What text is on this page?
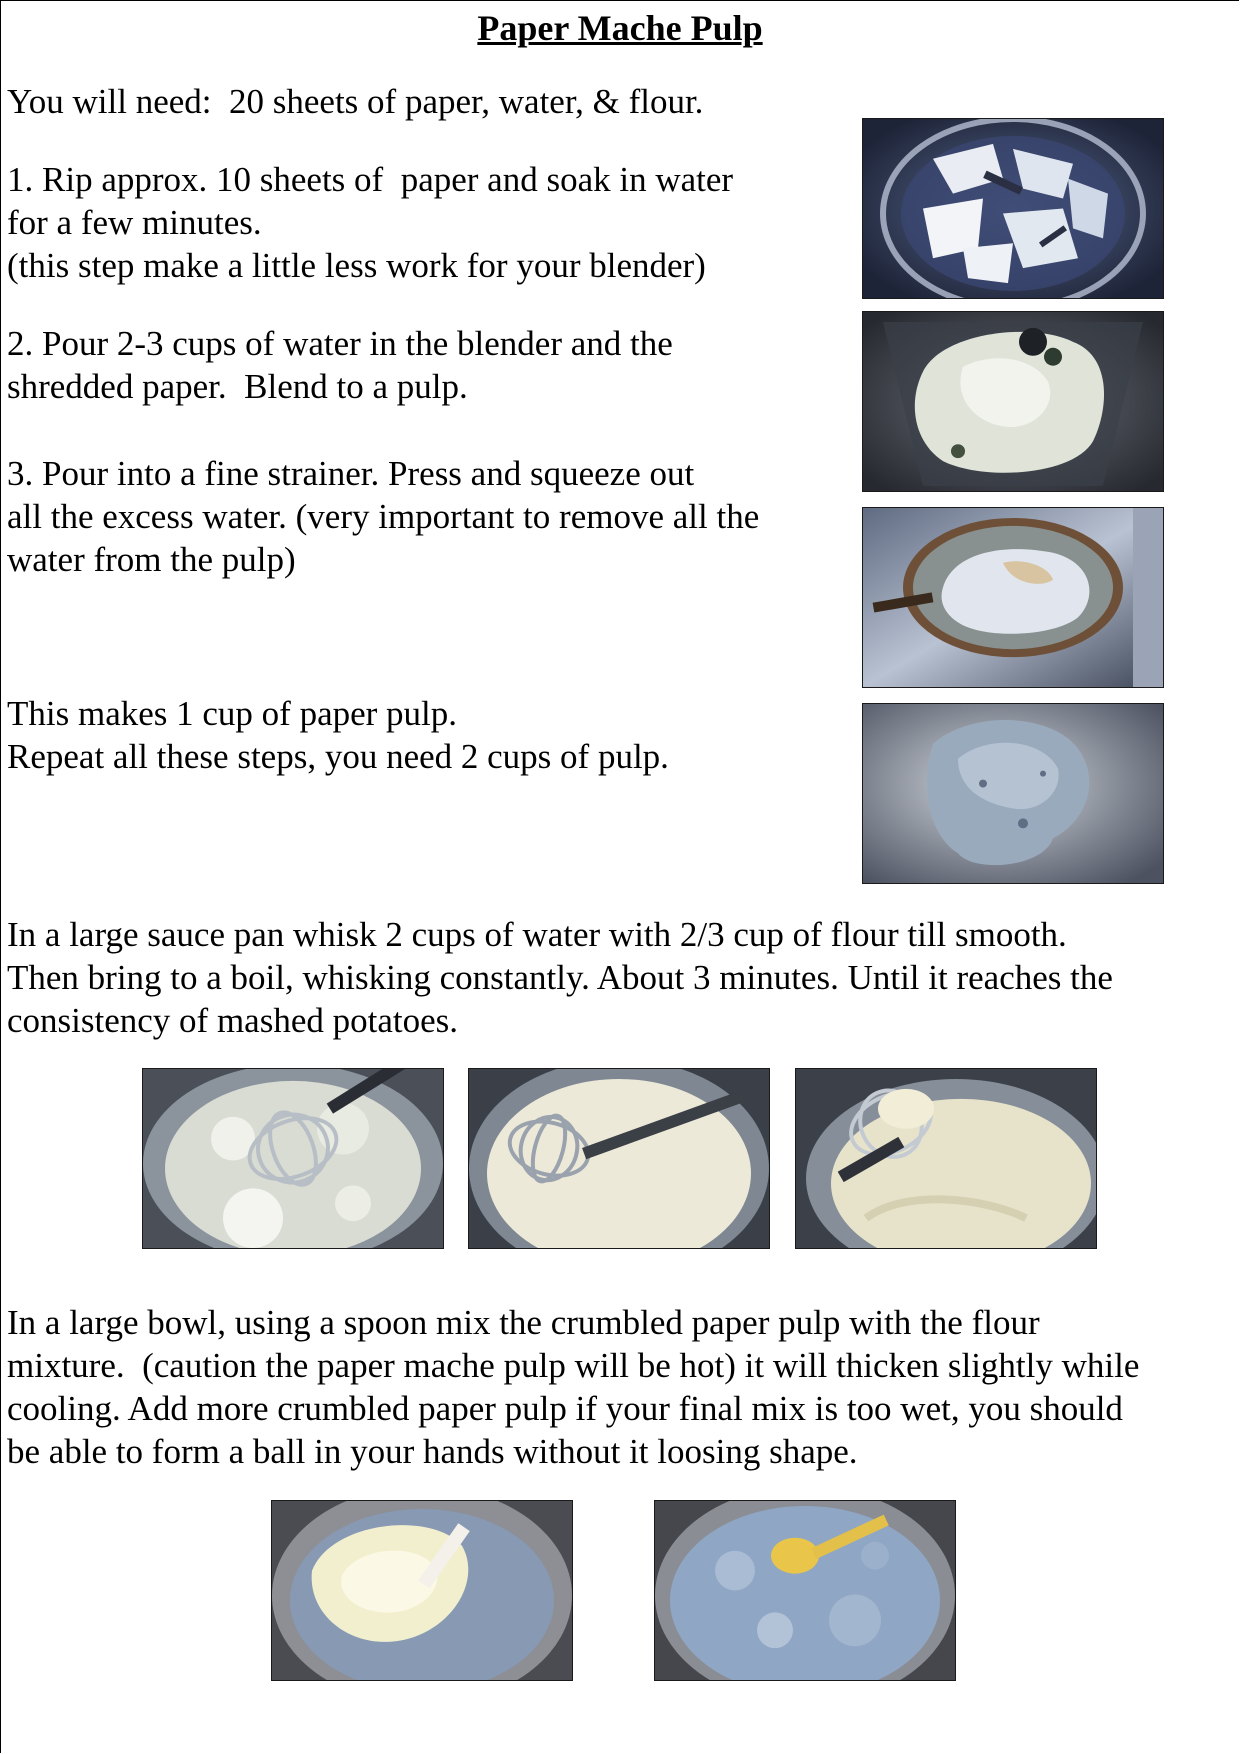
Paper Mache Pulp
You will need:  20 sheets of paper, water, & flour.
1. Rip approx. 10 sheets of  paper and soak in water
for a few minutes.
(this step make a little less work for your blender)
2. Pour 2-3 cups of water in the blender and the
shredded paper.  Blend to a pulp.
3. Pour into a fine strainer. Press and squeeze out
all the excess water. (very important to remove all the
water from the pulp)
This makes 1 cup of paper pulp.
Repeat all these steps, you need 2 cups of pulp.
In a large sauce pan whisk 2 cups of water with 2/3 cup of flour till smooth.
Then bring to a boil, whisking constantly. About 3 minutes. Until it reaches the
consistency of mashed potatoes.
In a large bowl, using a spoon mix the crumbled paper pulp with the flour
mixture.  (caution the paper mache pulp will be hot) it will thicken slightly while
cooling. Add more crumbled paper pulp if your final mix is too wet, you should
be able to form a ball in your hands without it loosing shape.
